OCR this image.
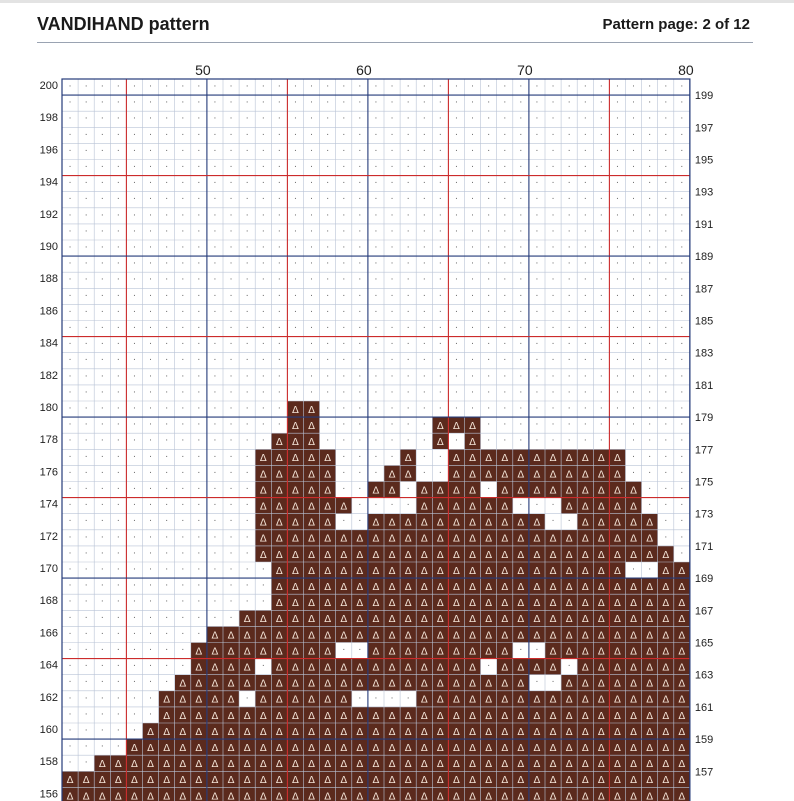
VANDIHAND pattern	Pattern page: 2 of 12
· · · · · · · · · · · · · · · · · · · · · · · · · · · · · · · · · · · · · · ·
· · · · · · · · · · · · · · · · · · · · · · · · · · · · · · · · · · · · · · ·
· · · · · · · · · · · · · · · · · · · · · · · · · · · · · · · · · · · · · · ·
· · · · · · · · · · · · · · · · · · · · · · · · · · · · · · · · · · · · · · ·
· · · · · · · · · · · · · · · · · · · · · · · · · · · · · · · · · · · · · · ·
· · · · · · · · · · · · · · · · · · · · · · · · · · · · · · · · · · · · · · ·
· · · · · · · · · · · · · · · · · · · · · · · · · · · · · · · · · · · · · · ·
· · · · · · · · · · · · · · · · · · · · · · · · · · · · · · · · · · · · · · ·
· · · · · · · · · · · · · · · · · · · · · · · · · · · · · · · · · · · · · · ·
· · · · · · · · · · · · · · · · · · · · · · · · · · · · · · · · · · · · · · ·
· · · · · · · · · · · · · · · · · · · · · · · · · · · · · · · · · · · · · · ·
· · · · · · · · · · · · · · · · · · · · · · · · · · · · · · · · · · · · · · ·
· · · · · · · · · · · · · · · · · · · · · · · · · · · · · · · · · · · · · · ·
· · · · · · · · · · · · · · · · · · · · · · · · · · · · · · · · · · · · · · ·
· · · · · · · · · · · · · · · · · · · · · · · · · · · · · · · · · · · · · · ·
· · · · · · · · · · · · · · · · · · · · · · · · · · · · · · · · · · · · · · ·
· · · · · · · · · · · · · · · · · · · · · · · · · · · · · · · · · · · · · · ·
· · · · · · · · · · · · · · · · · · · · · · · · · · · · · · · · · · · · · · ·
· · · · · · · · · · · · · · · · · · · · · · · · · · · · · · · · · · · · · · ·
· · · · · · · · · · · · · · · · · · · · · · · · · · · · · · · · · · · · · · ·
· · · · · · · · · · · · · · Δ Δ · · · · · · · · · · · · · · · · · · · · · · ·
· · · · · · · · · · · · · · Δ Δ · · · · · · · Δ Δ Δ · · · · · · · · · · · · ·
· · · · · · · · · · · · · Δ Δ Δ · · · · · · · Δ · Δ · · · · · · · · · · · · ·
· · · · · · · · · · · · Δ Δ Δ Δ Δ · · · · Δ · · Δ Δ Δ Δ Δ Δ Δ Δ Δ Δ Δ · · · ·
· · · · · · · · · · · · Δ Δ Δ Δ Δ · · · Δ Δ · · Δ Δ Δ Δ Δ Δ Δ Δ Δ Δ Δ · · · ·
· · · · · · · · · · · · Δ Δ Δ Δ Δ · · Δ Δ · Δ Δ Δ Δ · Δ Δ Δ Δ Δ Δ Δ Δ Δ · · ·
· · · · · · · · · · · · Δ Δ Δ Δ Δ Δ · · · · Δ Δ Δ Δ Δ Δ · · · Δ Δ Δ Δ Δ · · ·
· · · · · · · · · · · · Δ Δ Δ Δ Δ · · Δ Δ Δ Δ Δ Δ Δ Δ Δ Δ Δ · · Δ Δ Δ Δ Δ · ·
· · · · · · · · · · · · Δ Δ Δ Δ Δ Δ Δ Δ Δ Δ Δ Δ Δ Δ Δ Δ Δ Δ Δ Δ Δ Δ Δ Δ Δ · ·
· · · · · · · · · · · · Δ Δ Δ Δ Δ Δ Δ Δ Δ Δ Δ Δ Δ Δ Δ Δ Δ Δ Δ Δ Δ Δ Δ Δ Δ Δ ·
· · · · · · · · · · · · · Δ Δ Δ Δ Δ Δ Δ Δ Δ Δ Δ Δ Δ Δ Δ Δ Δ Δ Δ Δ Δ Δ · · Δ Δ
· · · · · · · · · · · · · Δ Δ Δ Δ Δ Δ Δ Δ Δ Δ Δ Δ Δ Δ Δ Δ Δ Δ Δ Δ Δ Δ Δ Δ Δ Δ
· · · · · · · · · · · · · Δ Δ Δ Δ Δ Δ Δ Δ Δ Δ Δ Δ Δ Δ Δ Δ Δ Δ Δ Δ Δ Δ Δ Δ Δ Δ
· · · · · · · · · · · Δ Δ Δ Δ Δ Δ Δ Δ Δ Δ Δ Δ Δ Δ Δ Δ Δ Δ Δ Δ Δ Δ Δ Δ Δ Δ Δ Δ
· · · · · · · · · Δ Δ Δ Δ Δ Δ Δ Δ Δ Δ Δ Δ Δ Δ Δ Δ Δ Δ Δ Δ Δ Δ Δ Δ Δ Δ Δ Δ Δ Δ
· · · · · · · · Δ Δ Δ Δ Δ Δ Δ Δ Δ · · Δ Δ Δ Δ Δ Δ Δ Δ Δ · · Δ Δ Δ Δ Δ Δ Δ Δ Δ
· · · · · · · · Δ Δ Δ Δ · Δ Δ Δ Δ Δ Δ Δ Δ Δ Δ Δ Δ Δ · Δ Δ Δ Δ · Δ Δ Δ Δ Δ Δ Δ
· · · · · · · Δ Δ Δ Δ Δ Δ Δ Δ Δ Δ Δ Δ Δ Δ Δ Δ Δ Δ Δ Δ Δ Δ · · Δ Δ Δ Δ Δ Δ Δ Δ
· · · · · · Δ Δ Δ Δ Δ · Δ Δ Δ Δ Δ Δ · · · · Δ Δ Δ Δ Δ Δ Δ Δ Δ Δ Δ Δ Δ Δ Δ Δ Δ
· · · · · · Δ Δ Δ Δ Δ Δ Δ Δ Δ Δ Δ Δ Δ Δ Δ Δ Δ Δ Δ Δ Δ Δ Δ Δ Δ Δ Δ Δ Δ Δ Δ Δ Δ
· · · · · Δ Δ Δ Δ Δ Δ Δ Δ Δ Δ Δ Δ Δ Δ Δ Δ Δ Δ Δ Δ Δ Δ Δ Δ Δ Δ Δ Δ Δ Δ Δ Δ Δ Δ
· · · · Δ Δ Δ Δ Δ Δ Δ Δ Δ Δ Δ Δ Δ Δ Δ Δ Δ Δ Δ Δ Δ Δ Δ Δ Δ Δ Δ Δ Δ Δ Δ Δ Δ Δ Δ
· · Δ Δ Δ Δ Δ Δ Δ Δ Δ Δ Δ Δ Δ Δ Δ Δ Δ Δ Δ Δ Δ Δ Δ Δ Δ Δ Δ Δ Δ Δ Δ Δ Δ Δ Δ Δ Δ
Δ Δ Δ Δ Δ Δ Δ Δ Δ Δ Δ Δ Δ Δ Δ Δ Δ Δ Δ Δ Δ Δ Δ Δ Δ Δ Δ Δ Δ Δ Δ Δ Δ Δ Δ Δ Δ Δ Δ
Δ Δ Δ Δ Δ Δ Δ Δ Δ Δ Δ Δ Δ Δ Δ Δ Δ Δ Δ Δ Δ Δ Δ Δ Δ Δ Δ Δ Δ Δ Δ Δ Δ Δ Δ Δ Δ Δ Δ
50	60	70	80
200
198
196
194
192
190
188
186
184
182
180
178
176
174
172
170
168
166
164
162
160
158
156
199
197
195
193
191
189
187
185
183
181
179
177
175
173
171
169
167
165
163
161
159
157
